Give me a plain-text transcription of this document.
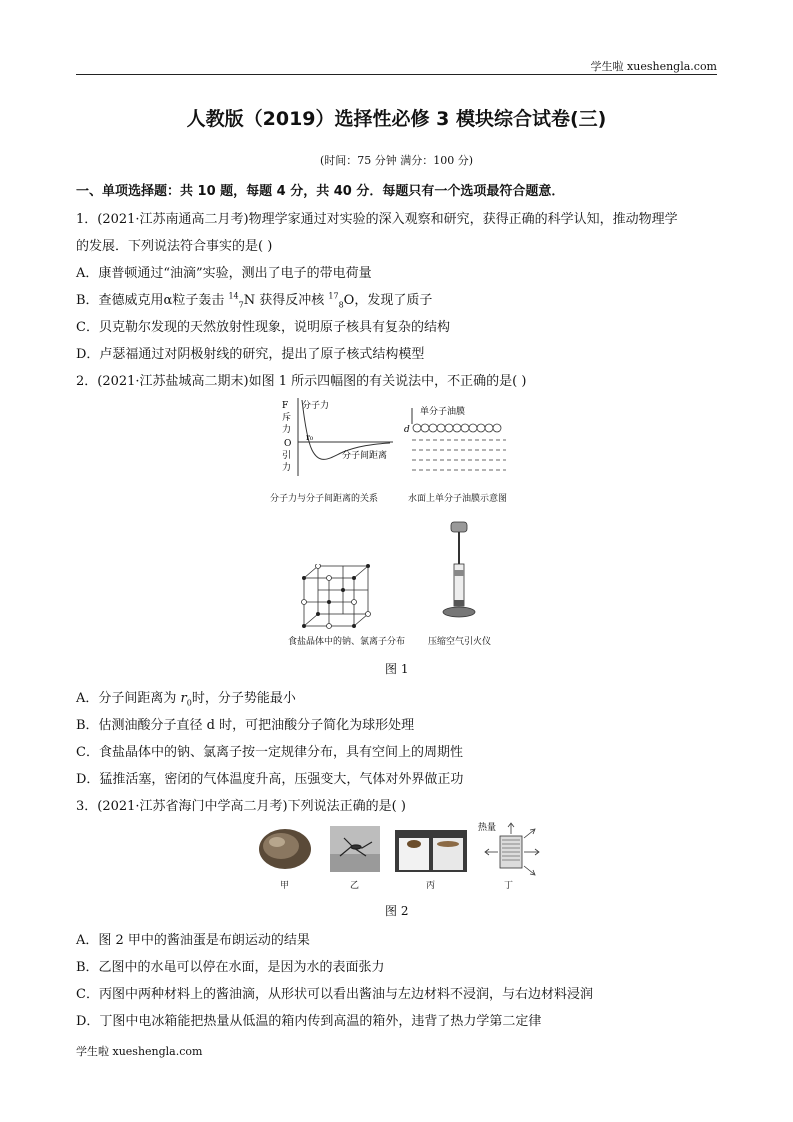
学生啦 xueshengla.com
人教版（2019）选择性必修 3 模块综合试卷(三)
(时间：75 分钟 满分：100 分)
一、单项选择题：共 10 题，每题 4 分，共 40 分．每题只有一个选项最符合题意．
1．(2021·江苏南通高二月考)物理学家通过对实验的深入观察和研究，获得正确的科学认知，推动物理学
的发展．下列说法符合事实的是( )
A．康普顿通过“油滴”实验，测出了电子的带电荷量
B．查德威克用α粒子轰击 $^{14}_7$N 获得反冲核 $^{17}_8$O，发现了质子
C．贝克勒尔发现的天然放射性现象，说明原子核具有复杂的结构
D．卢瑟福通过对阴极射线的研究，提出了原子核式结构模型
2．(2021·江苏盐城高二期末)如图 1 所示四幅图的有关说法中，不正确的是( )
F 分子力
斥
力
O
r₀
引
力
分子间距离
单分子油膜
d
分子力与分子间距离的关系	水面上单分子油膜示意图
食盐晶体中的钠、氯离子分布	压缩空气引火仪
图 1
A．分子间距离为 $r_0$时，分子势能最小
B．估测油酸分子直径 d 时，可把油酸分子简化为球形处理
C．食盐晶体中的钠、氯离子按一定规律分布，具有空间上的周期性
D．猛推活塞，密闭的气体温度升高，压强变大，气体对外界做正功
3．(2021·江苏省海门中学高二月考)下列说法正确的是( )
甲	乙	丙
热量
丁
图 2
A．图 2 甲中的酱油蛋是布朗运动的结果
B．乙图中的水黾可以停在水面，是因为水的表面张力
C．丙图中两种材料上的酱油滴，从形状可以看出酱油与左边材料不浸润，与右边材料浸润
D．丁图中电冰箱能把热量从低温的箱内传到高温的箱外，违背了热力学第二定律
学生啦 xueshengla.com
